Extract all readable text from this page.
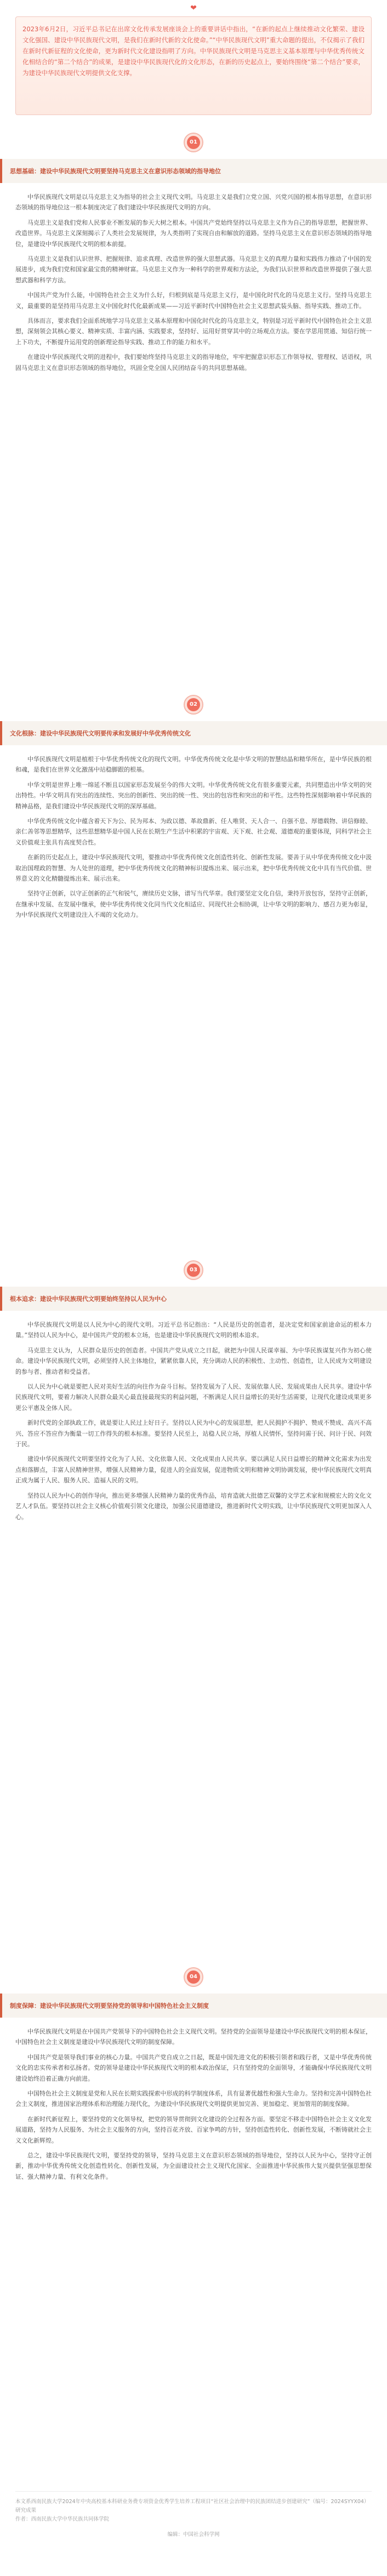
❤

2023年6月2日，习近平总书记在出席文化传承发展座谈会上的重要讲话中指出，“在新的起点上继续推动文化繁荣、建设文化强国、建设中华民族现代文明，是我们在新时代新的文化使命。”“中华民族现代文明”重大命题的提出，不仅揭示了我们在新时代新征程的文化使命，更为新时代文化建设指明了方向。中华民族现代文明是马克思主义基本原理与中华优秀传统文化相结合的“第二个结合”的成果，是建设中华民族现代化的文化形态，在新的历史起点上，要始终围绕“第二个结合”要求，为建设中华民族现代文明提供文化支撑。

01
思想基础：建设中华民族现代文明要坚持马克思主义在意识形态领域的指导地位

中华民族现代文明是以马克思主义为指导的社会主义现代文明。马克思主义是我们立党立国、兴党兴国的根本指导思想，在意识形态领域的指导地位这一根本制度决定了我们建设中华民族现代文明的方向。

马克思主义是我们党和人民事业不断发展的参天大树之根本。中国共产党始终坚持以马克思主义作为自己的指导思想，把握世界、改造世界。马克思主义深刻揭示了人类社会发展规律，为人类指明了实现自由和解放的道路。坚持马克思主义在意识形态领域的指导地位，是建设中华民族现代文明的根本前提。

马克思主义是我们认识世界、把握规律、追求真理、改造世界的强大思想武器。马克思主义的真理力量和实践伟力推动了中国的发展进步，成为我们党和国家最宝贵的精神财富。马克思主义作为一种科学的世界观和方法论，为我们认识世界和改造世界提供了强大思想武器和科学方法。

中国共产党为什么能，中国特色社会主义为什么好，归根到底是马克思主义行，是中国化时代化的马克思主义行。坚持马克思主义，最重要的是坚持用马克思主义中国化时代化最新成果——习近平新时代中国特色社会主义思想武装头脑、指导实践、推动工作。

具体而言，要求我们全面系统地学习马克思主义基本原理和中国化时代化的马克思主义，特别是习近平新时代中国特色社会主义思想，深刻领会其核心要义、精神实质、丰富内涵、实践要求，坚持好、运用好贯穿其中的立场观点方法。要在学思用贯通、知信行统一上下功夫，不断提升运用党的创新理论指导实践、推动工作的能力和水平。

在建设中华民族现代文明的进程中，我们要始终坚持马克思主义的指导地位，牢牢把握意识形态工作领导权、管理权、话语权，巩固马克思主义在意识形态领域的指导地位，巩固全党全国人民团结奋斗的共同思想基础。

02
文化根脉：建设中华民族现代文明要传承和发展好中华优秀传统文化

中华民族现代文明是植根于中华优秀传统文化的现代文明。中华优秀传统文化是中华文明的智慧结晶和精华所在，是中华民族的根和魂，是我们在世界文化激荡中站稳脚跟的根基。

中华文明是世界上唯一绵延不断且以国家形态发展至今的伟大文明。中华优秀传统文化有很多重要元素，共同塑造出中华文明的突出特性。中华文明具有突出的连续性、突出的创新性、突出的统一性、突出的包容性和突出的和平性。这些特性深刻影响着中华民族的精神品格，是我们建设中华民族现代文明的深厚基础。

中华优秀传统文化中蕴含着天下为公、民为邦本、为政以德、革故鼎新、任人唯贤、天人合一、自强不息、厚德载物、讲信修睦、亲仁善邻等思想精华，这些思想精华是中国人民在长期生产生活中积累的宇宙观、天下观、社会观、道德观的重要体现，同科学社会主义价值观主张具有高度契合性。

在新的历史起点上，建设中华民族现代文明，要推动中华优秀传统文化创造性转化、创新性发展。要善于从中华优秀传统文化中汲取治国理政的智慧、为人处世的道理，把中华优秀传统文化的精神标识提炼出来、展示出来，把中华优秀传统文化中具有当代价值、世界意义的文化精髓提炼出来、展示出来。

坚持守正创新，以守正创新的正气和锐气，赓续历史文脉，谱写当代华章。我们要坚定文化自信，秉持开放包容，坚持守正创新，在继承中发展、在发展中继承，使中华优秀传统文化同当代文化相适应、同现代社会相协调，让中华文明的影响力、感召力更为彰显，为中华民族现代文明建设注入不竭的文化动力。

03
根本追求：建设中华民族现代文明要始终坚持以人民为中心

中华民族现代文明是以人民为中心的现代文明。习近平总书记指出：“人民是历史的创造者，是决定党和国家前途命运的根本力量。”坚持以人民为中心，是中国共产党的根本立场，也是建设中华民族现代文明的根本追求。

马克思主义认为，人民群众是历史的创造者。中国共产党从成立之日起，就把为中国人民谋幸福、为中华民族谋复兴作为初心使命。建设中华民族现代文明，必须坚持人民主体地位，紧紧依靠人民，充分调动人民的积极性、主动性、创造性，让人民成为文明建设的参与者、推动者和受益者。

以人民为中心就是要把人民对美好生活的向往作为奋斗目标。坚持发展为了人民、发展依靠人民、发展成果由人民共享。建设中华民族现代文明，要着力解决人民群众最关心最直接最现实的利益问题，不断满足人民日益增长的美好生活需要，让现代化建设成果更多更公平惠及全体人民。

新时代党的全部执政工作，就是要让人民过上好日子。坚持以人民为中心的发展思想，把人民拥护不拥护、赞成不赞成、高兴不高兴、答应不答应作为衡量一切工作得失的根本标准。要坚持人民至上，站稳人民立场，厚植人民情怀，坚持问需于民、问计于民、问效于民。

建设中华民族现代文明要坚持文化为了人民、文化依靠人民、文化成果由人民共享。要以满足人民日益增长的精神文化需求为出发点和落脚点，丰富人民精神世界，增强人民精神力量，促进人的全面发展，促进物质文明和精神文明协调发展，使中华民族现代文明真正成为属于人民、服务人民、造福人民的文明。

坚持以人民为中心的创作导向，推出更多增强人民精神力量的优秀作品，培育造就大批德艺双馨的文学艺术家和规模宏大的文化文艺人才队伍。要坚持以社会主义核心价值观引领文化建设，加强公民道德建设，推进新时代文明实践，让中华民族现代文明更加深入人心。

04
制度保障：建设中华民族现代文明要坚持党的领导和中国特色社会主义制度

中华民族现代文明是在中国共产党领导下的中国特色社会主义现代文明。坚持党的全面领导是建设中华民族现代文明的根本保证，中国特色社会主义制度是建设中华民族现代文明的制度保障。

中国共产党是领导我们事业的核心力量。中国共产党自成立之日起，既是中国先进文化的积极引领者和践行者，又是中华优秀传统文化的忠实传承者和弘扬者。党的领导是建设中华民族现代文明的根本政治保证，只有坚持党的全面领导，才能确保中华民族现代文明建设始终沿着正确方向前进。

中国特色社会主义制度是党和人民在长期实践探索中形成的科学制度体系，具有显著优越性和强大生命力。坚持和完善中国特色社会主义制度，推进国家治理体系和治理能力现代化，为建设中华民族现代文明提供更加完善、更加稳定、更加管用的制度保障。

在新时代新征程上，要坚持党的文化领导权，把党的领导贯彻到文化建设的全过程各方面。要坚定不移走中国特色社会主义文化发展道路，坚持为人民服务、为社会主义服务的方向，坚持百花齐放、百家争鸣的方针，坚持创造性转化、创新性发展，不断铸就社会主义文化新辉煌。

总之，建设中华民族现代文明，要坚持党的领导，坚持马克思主义在意识形态领域的指导地位，坚持以人民为中心，坚持守正创新，推动中华优秀传统文化创造性转化、创新性发展，为全面建设社会主义现代化国家、全面推进中华民族伟大复兴提供坚强思想保证、强大精神力量、有利文化条件。

本文系西南民族大学2024年中央高校基本科研业务费专项资金优秀学生培养工程项目“社区社会治理中的民族团结进步创建研究”（编号：2024SYYX04）研究成果

作者：西南民族大学中华民族共同体学院

编辑：中国社会科学网
